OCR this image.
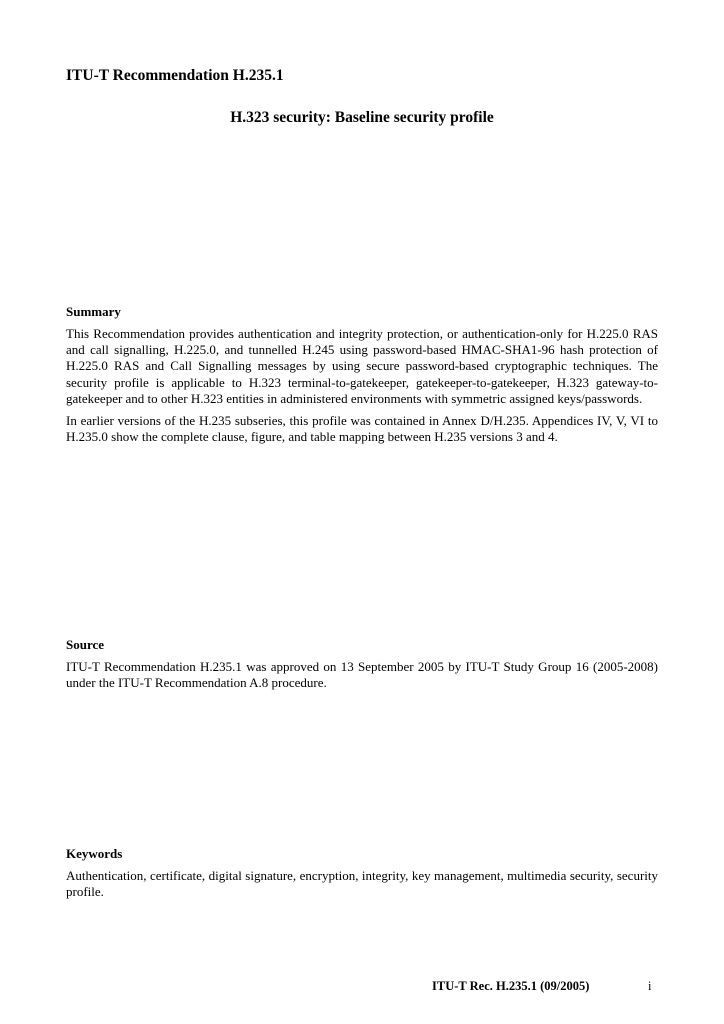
ITU-T Recommendation H.235.1
H.323 security: Baseline security profile
Summary

This Recommendation provides authentication and integrity protection, or authentication-only for H.225.0 RAS and call signalling, H.225.0, and tunnelled H.245 using password-based HMAC-SHA1-96 hash protection of H.225.0 RAS and Call Signalling messages by using secure password-based cryptographic techniques. The security profile is applicable to H.323 terminal-to-gatekeeper, gatekeeper-to-gatekeeper, H.323 gateway-to-gatekeeper and to other H.323 entities in administered environments with symmetric assigned keys/passwords.

In earlier versions of the H.235 subseries, this profile was contained in Annex D/H.235. Appendices IV, V, VI to H.235.0 show the complete clause, figure, and table mapping between H.235 versions 3 and 4.

Source

ITU-T Recommendation H.235.1 was approved on 13 September 2005 by ITU-T Study Group 16 (2005-2008) under the ITU-T Recommendation A.8 procedure.

Keywords

Authentication, certificate, digital signature, encryption, integrity, key management, multimedia security, security profile.

ITU-T Rec. H.235.1 (09/2005)	i
